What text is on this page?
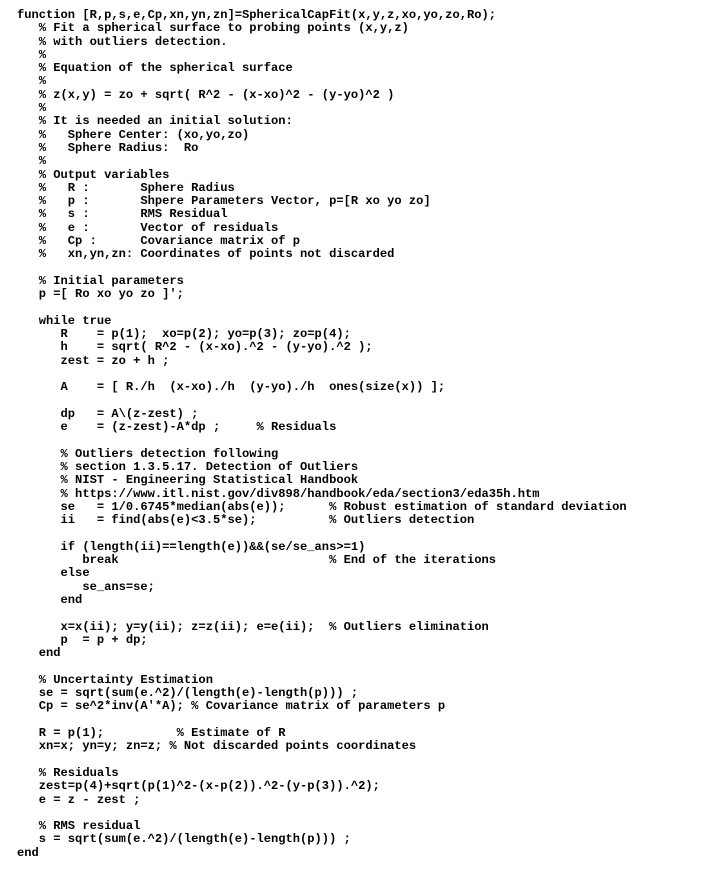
function [R,p,s,e,Cp,xn,yn,zn]=SphericalCapFit(x,y,z,xo,yo,zo,Ro);
% Fit a spherical surface to probing points (x,y,z)
% with outliers detection.
%
% Equation of the spherical surface
%
% z(x,y) = zo + sqrt( R^2 - (x-xo)^2 - (y-yo)^2 )
%
% It is needed an initial solution:
%   Sphere Center: (xo,yo,zo)
%   Sphere Radius:  Ro
%
% Output variables
%   R :       Sphere Radius
%   p :       Shpere Parameters Vector, p=[R xo yo zo]
%   s :       RMS Residual
%   e :       Vector of residuals
%   Cp :      Covariance matrix of p
%   xn,yn,zn: Coordinates of points not discarded
% Initial parameters
p =[ Ro xo yo zo ]';
while true
R    = p(1);  xo=p(2); yo=p(3); zo=p(4);
h    = sqrt( R^2 - (x-xo).^2 - (y-yo).^2 );
zest = zo + h ;
A    = [ R./h  (x-xo)./h  (y-yo)./h  ones(size(x)) ];
dp   = A\(z-zest) ;
e    = (z-zest)-A*dp ;     % Residuals
% Outliers detection following
% section 1.3.5.17. Detection of Outliers
% NIST - Engineering Statistical Handbook
% https://www.itl.nist.gov/div898/handbook/eda/section3/eda35h.htm
se   = 1/0.6745*median(abs(e));      % Robust estimation of standard deviation
ii   = find(abs(e)<3.5*se);          % Outliers detection
if (length(ii)==length(e))&&(se/se_ans>=1)
break                             % End of the iterations
else
se_ans=se;
end
x=x(ii); y=y(ii); z=z(ii); e=e(ii);  % Outliers elimination
p  = p + dp;
end
% Uncertainty Estimation
se = sqrt(sum(e.^2)/(length(e)-length(p))) ;
Cp = se^2*inv(A'*A); % Covariance matrix of parameters p
R = p(1);          % Estimate of R
xn=x; yn=y; zn=z; % Not discarded points coordinates
% Residuals
zest=p(4)+sqrt(p(1)^2-(x-p(2)).^2-(y-p(3)).^2);
e = z - zest ;
% RMS residual
s = sqrt(sum(e.^2)/(length(e)-length(p))) ;
end
